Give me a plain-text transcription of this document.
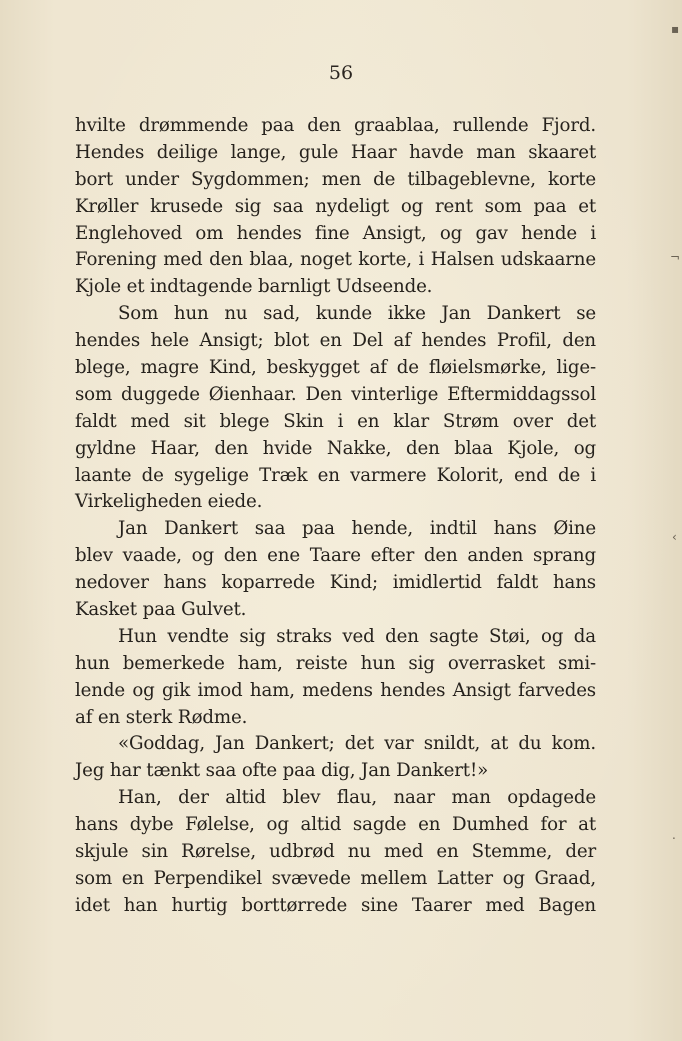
56
hvilte drømmende paa den graablaa, rullende Fjord.
Hendes deilige lange, gule Haar havde man skaaret
bort under Sygdommen; men de tilbageblevne, korte
Krøller krusede sig saa nydeligt og rent som paa et
Englehoved om hendes fine Ansigt, og gav hende i
Forening med den blaa, noget korte, i Halsen udskaarne
Kjole et indtagende barnligt Udseende.
Som hun nu sad, kunde ikke Jan Dankert se
hendes hele Ansigt; blot en Del af hendes Profil, den
blege, magre Kind, beskygget af de fløielsmørke, lige-
som duggede Øienhaar. Den vinterlige Eftermiddagssol
faldt med sit blege Skin i en klar Strøm over det
gyldne Haar, den hvide Nakke, den blaa Kjole, og
laante de sygelige Træk en varmere Kolorit, end de i
Virkeligheden eiede.
Jan Dankert saa paa hende, indtil hans Øine
blev vaade, og den ene Taare efter den anden sprang
nedover hans koparrede Kind; imidlertid faldt hans
Kasket paa Gulvet.
Hun vendte sig straks ved den sagte Støi, og da
hun bemerkede ham, reiste hun sig overrasket smi-
lende og gik imod ham, medens hendes Ansigt farvedes
af en sterk Rødme.
«Goddag, Jan Dankert; det var snildt, at du kom.
Jeg har tænkt saa ofte paa dig, Jan Dankert!»
Han, der altid blev flau, naar man opdagede
hans dybe Følelse, og altid sagde en Dumhed for at
skjule sin Rørelse, udbrød nu med en Stemme, der
som en Perpendikel svævede mellem Latter og Graad,
idet han hurtig borttørrede sine Taarer med Bagen
▪
¬
‹
.
